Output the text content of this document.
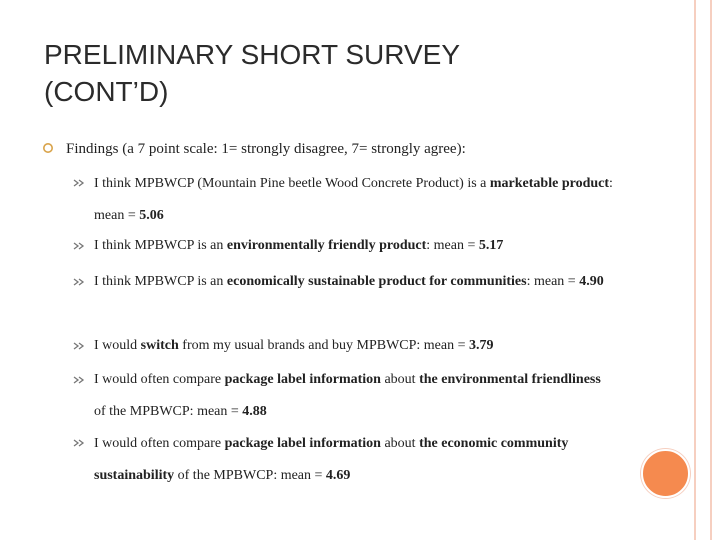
PRELIMINARY SHORT SURVEY
(CONT’D)
Findings (a 7 point scale: 1= strongly disagree, 7= strongly agree):
I think MPBWCP (Mountain Pine beetle Wood Concrete Product) is a marketable product: mean = 5.06
I think MPBWCP is an environmentally friendly product: mean = 5.17
I think MPBWCP is an economically sustainable product for communities: mean = 4.90
I would switch from my usual brands and buy MPBWCP: mean = 3.79
I would often compare package label information about the environmental friendliness of the MPBWCP: mean = 4.88
I would often compare package label information about the economic community sustainability of the MPBWCP: mean = 4.69
